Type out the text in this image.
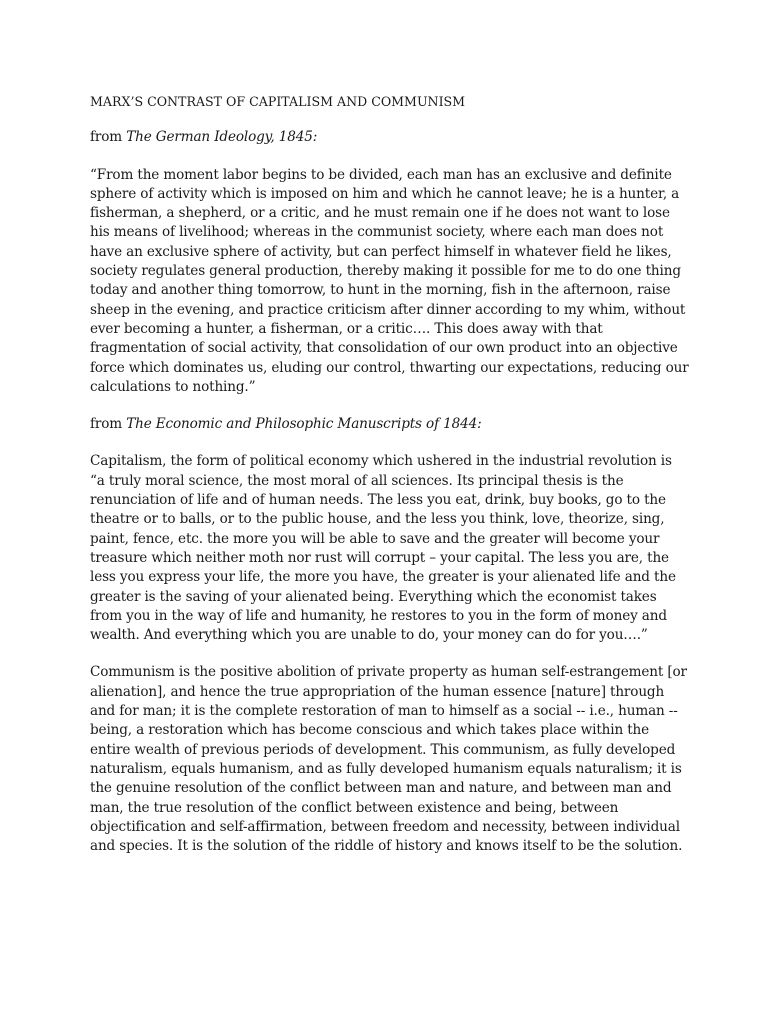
MARX’S CONTRAST OF CAPITALISM AND COMMUNISM
from The German Ideology, 1845:

“From the moment labor begins to be divided, each man has an exclusive and definite sphere of activity which is imposed on him and which he cannot leave; he is a hunter, a fisherman, a shepherd, or a critic, and he must remain one if he does not want to lose his means of livelihood; whereas in the communist society, where each man does not have an exclusive sphere of activity, but can perfect himself in whatever field he likes, society regulates general production, thereby making it possible for me to do one thing today and another thing tomorrow, to hunt in the morning, fish in the afternoon, raise sheep in the evening, and practice criticism after dinner according to my whim, without ever becoming a hunter, a fisherman, or a critic…. This does away with that fragmentation of social activity, that consolidation of our own product into an objective force which dominates us, eluding our control, thwarting our expectations, reducing our calculations to nothing.”

from The Economic and Philosophic Manuscripts of 1844:

Capitalism, the form of political economy which ushered in the industrial revolution is “a truly moral science, the most moral of all sciences. Its principal thesis is the renunciation of life and of human needs. The less you eat, drink, buy books, go to the theatre or to balls, or to the public house, and the less you think, love, theorize, sing, paint, fence, etc. the more you will be able to save and the greater will become your treasure which neither moth nor rust will corrupt – your capital. The less you are, the less you express your life, the more you have, the greater is your alienated life and the greater is the saving of your alienated being. Everything which the economist takes from you in the way of life and humanity, he restores to you in the form of money and wealth. And everything which you are unable to do, your money can do for you….”

Communism is the positive abolition of private property as human self-estrangement [or alienation], and hence the true appropriation of the human essence [nature] through and for man; it is the complete restoration of man to himself as a social -- i.e., human -- being, a restoration which has become conscious and which takes place within the entire wealth of previous periods of development. This communism, as fully developed naturalism, equals humanism, and as fully developed humanism equals naturalism; it is the genuine resolution of the conflict between man and nature, and between man and man, the true resolution of the conflict between existence and being, between objectification and self-affirmation, between freedom and necessity, between individual and species. It is the solution of the riddle of history and knows itself to be the solution.
